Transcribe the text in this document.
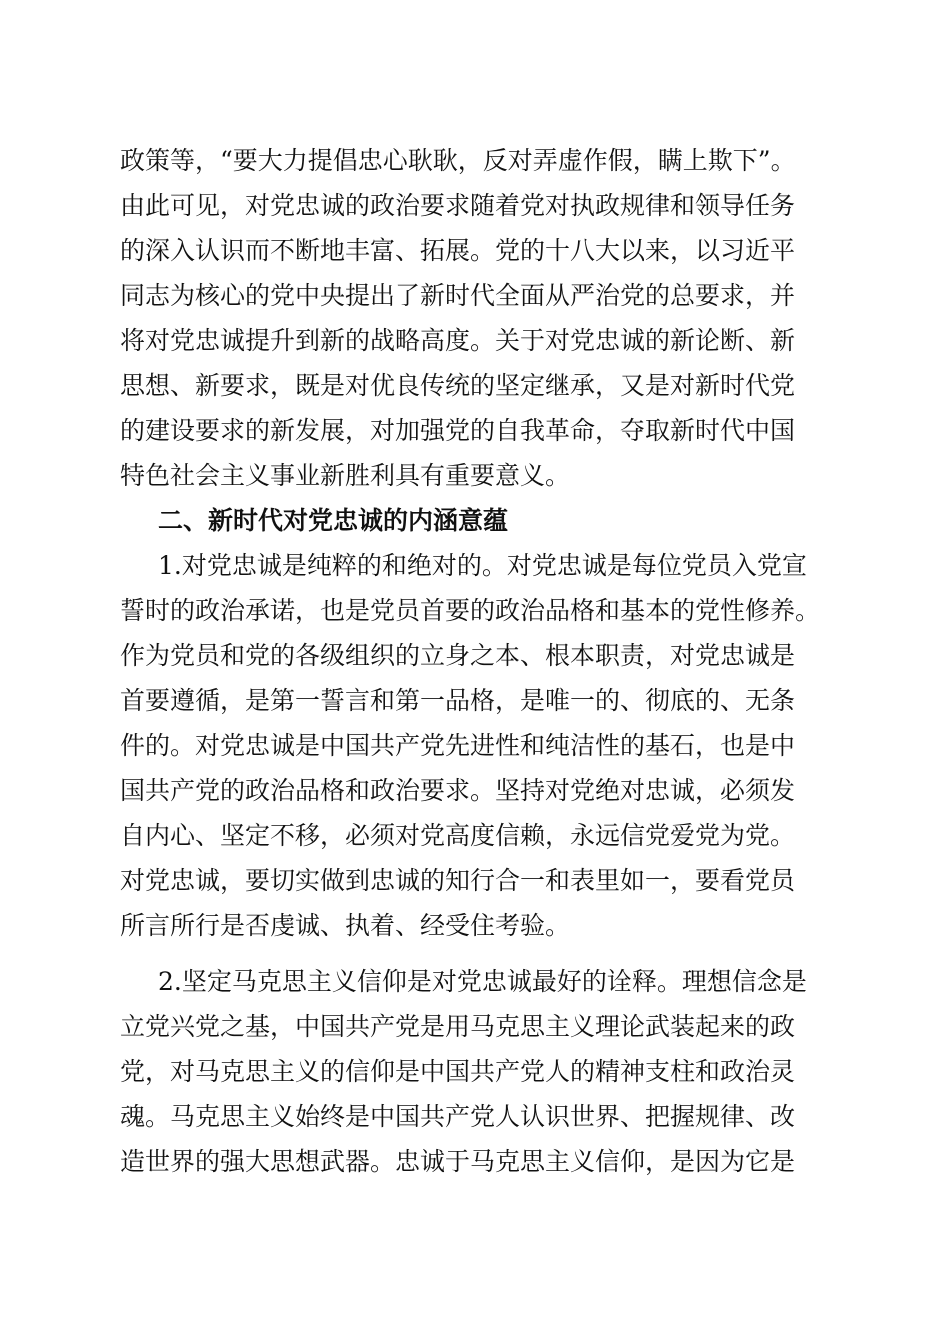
政策等，“要大力提倡忠心耿耿，反对弄虚作假，瞒上欺下”。
由此可见，对党忠诚的政治要求随着党对执政规律和领导任务
的深入认识而不断地丰富、拓展。党的十八大以来，以习近平
同志为核心的党中央提出了新时代全面从严治党的总要求，并
将对党忠诚提升到新的战略高度。关于对党忠诚的新论断、新
思想、新要求，既是对优良传统的坚定继承，又是对新时代党
的建设要求的新发展，对加强党的自我革命，夺取新时代中国
特色社会主义事业新胜利具有重要意义。
二、新时代对党忠诚的内涵意蕴
1.对党忠诚是纯粹的和绝对的。对党忠诚是每位党员入党宣
誓时的政治承诺，也是党员首要的政治品格和基本的党性修养。
作为党员和党的各级组织的立身之本、根本职责，对党忠诚是
首要遵循，是第一誓言和第一品格，是唯一的、彻底的、无条
件的。对党忠诚是中国共产党先进性和纯洁性的基石，也是中
国共产党的政治品格和政治要求。坚持对党绝对忠诚，必须发
自内心、坚定不移，必须对党高度信赖，永远信党爱党为党。
对党忠诚，要切实做到忠诚的知行合一和表里如一，要看党员
所言所行是否虔诚、执着、经受住考验。
2.坚定马克思主义信仰是对党忠诚最好的诠释。理想信念是
立党兴党之基，中国共产党是用马克思主义理论武装起来的政
党，对马克思主义的信仰是中国共产党人的精神支柱和政治灵
魂。马克思主义始终是中国共产党人认识世界、把握规律、改
造世界的强大思想武器。忠诚于马克思主义信仰，是因为它是
